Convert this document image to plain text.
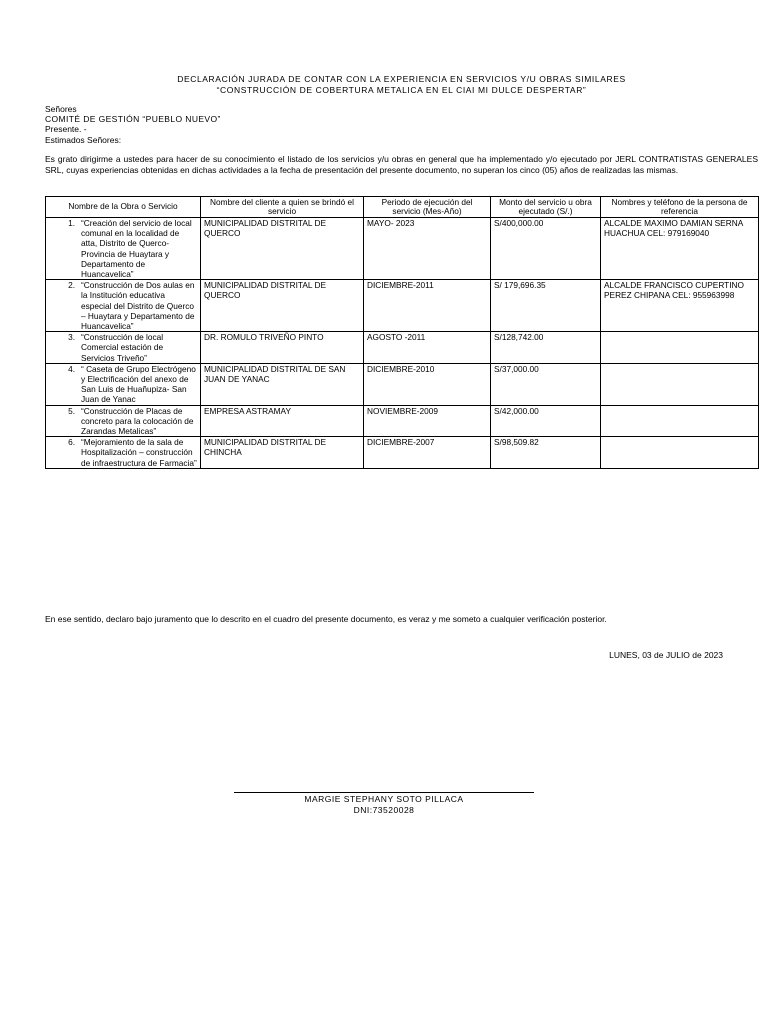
DECLARACIÓN JURADA DE CONTAR CON LA EXPERIENCIA EN SERVICIOS Y/U OBRAS SIMILARES
“CONSTRUCCIÓN DE COBERTURA METALICA EN EL CIAI MI DULCE DESPERTAR”
Señores
COMITÉ DE GESTIÓN “PUEBLO NUEVO”
Presente. -
Estimados Señores:
Es grato dirigirme a ustedes para hacer de su conocimiento el listado de los servicios y/u obras en general que ha implementado y/o ejecutado por JERL CONTRATISTAS GENERALES SRL, cuyas experiencias obtenidas en dichas actividades a la fecha de presentación del presente documento, no superan los cinco (05) años de realizadas las mismas.
Nombre de la Obra o Servicio	Nombre del cliente a quien se brindó el servicio	Periodo de ejecución del servicio (Mes-Año)	Monto del servicio u obra ejecutado (S/.)	Nombres y teléfono de la persona de referencia

1. “Creación del servicio de local comunal en la localidad de atta, Distrito de Querco-Provincia de Huaytara y Departamento de Huancavelica”	MUNICIPALIDAD DISTRITAL DE QUERCO	MAYO- 2023	S/400,000.00	ALCALDE MAXIMO DAMIAN SERNA HUACHUA CEL: 979169040

2. “Construcción de Dos aulas en la Institución educativa especial del Distrito de Querco – Huaytara y Departamento de Huancavelica”	MUNICIPALIDAD DISTRITAL DE QUERCO	DICIEMBRE-2011	S/ 179,696.35	ALCALDE FRANCISCO CUPERTINO PEREZ CHIPANA CEL: 955963998

3. “Construcción de local Comercial estación de Servicios Triveño”	DR. ROMULO TRIVEÑO PINTO	AGOSTO -2011	S/128,742.00	

4. “ Caseta de Grupo Electrógeno y Electrificación del anexo de San Luis de Huañupiza- San Juan de Yanac	MUNICIPALIDAD DISTRITAL DE SAN JUAN DE YANAC	DICIEMBRE-2010	S/37,000.00	

5. “Construcción de Placas de concreto para la colocación de Zarandas Metalicas”	EMPRESA ASTRAMAY	NOVIEMBRE-2009	S/42,000.00	

6. “Mejoramiento de la sala de Hospitalización – construcción de infraestructura de Farmacia”	MUNICIPALIDAD DISTRITAL DE CHINCHA	DICIEMBRE-2007	S/98,509.82	
En ese sentido, declaro bajo juramento que lo descrito en el cuadro del presente documento, es veraz y me someto a cualquier verificación posterior.
LUNES, 03 de JULIO de 2023
MARGIE STEPHANY SOTO PILLACA
DNI:73520028
